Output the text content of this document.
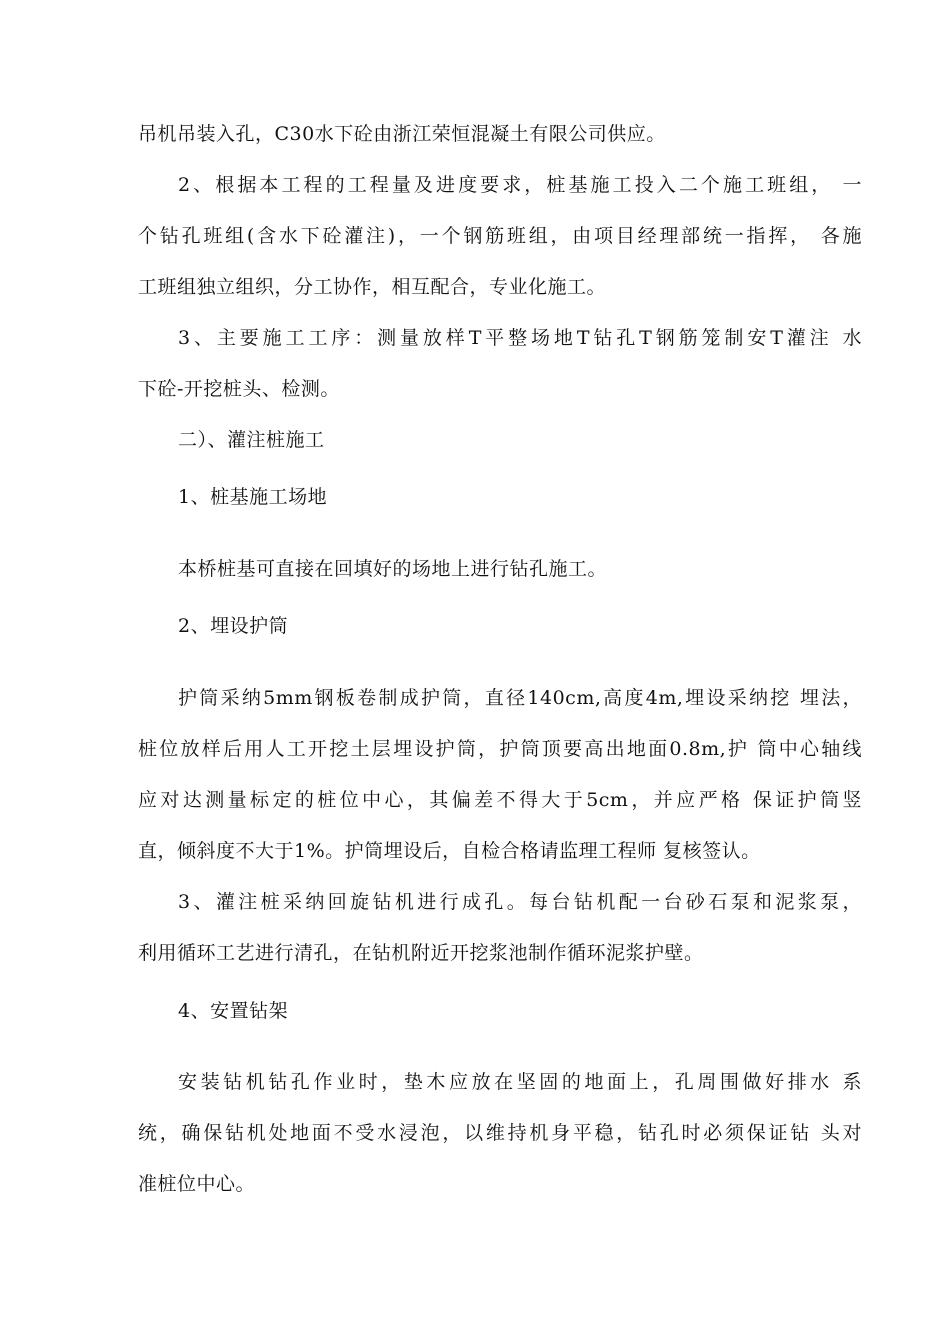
吊机吊装入孔，C30水下砼由浙江荣恒混凝土有限公司供应。
2、根据本工程的工程量及进度要求，桩基施工投入二个施工班组， 一
个钻孔班组(含水下砼灌注)，一个钢筋班组，由项目经理部统一指挥， 各施
工班组独立组织，分工协作，相互配合，专业化施工。
3、主要施工工序：测量放样T平整场地T钻孔T钢筋笼制安T灌注 水
下砼-开挖桩头、检测。
二）、灌注桩施工
1、桩基施工场地
本桥桩基可直接在回填好的场地上进行钻孔施工。
2、埋设护筒
护筒采纳5mm钢板卷制成护筒，直径140cm,高度4m,埋设采纳挖 埋法，
桩位放样后用人工开挖土层埋设护筒，护筒顶要高出地面0.8m,护 筒中心轴线
应对达测量标定的桩位中心，其偏差不得大于5cm，并应严格 保证护筒竖
直，倾斜度不大于1%。护筒埋设后，自检合格请监理工程师 复核签认。
3、灌注桩采纳回旋钻机进行成孔。每台钻机配一台砂石泵和泥浆泵，
利用循环工艺进行清孔，在钻机附近开挖浆池制作循环泥浆护壁。
4、安置钻架
安装钻机钻孔作业时，垫木应放在坚固的地面上，孔周围做好排水 系
统，确保钻机处地面不受水浸泡，以维持机身平稳，钻孔时必须保证钻 头对
准桩位中心。
